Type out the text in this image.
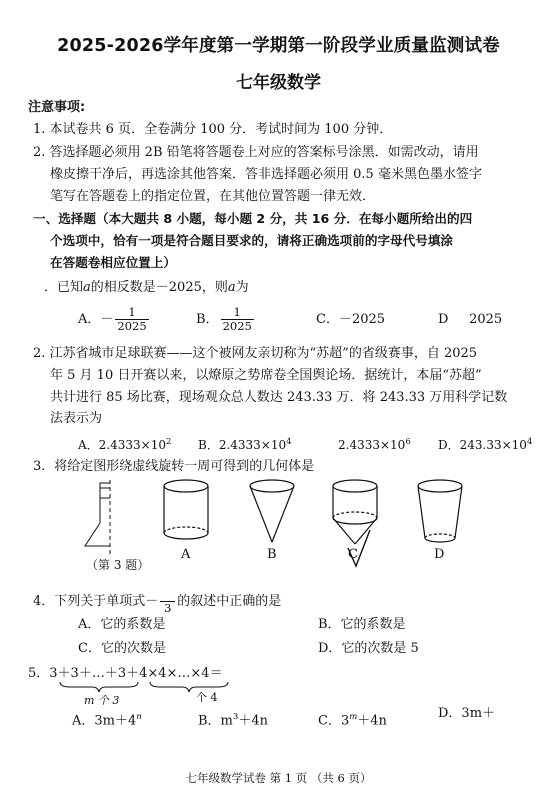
2025-2026学年度第一学期第一阶段学业质量监测试卷
七年级数学
注意事项:
1. 本试卷共 6 页．全卷满分 100 分．考试时间为 100 分钟．
2. 答选择题必须用 2B 铅笔将答题卷上对应的答案标号涂黑．如需改动，请用
橡皮擦干净后，再选涂其他答案．答非选择题必须用 0.5 毫米黑色墨水签字
笔写在答题卷上的指定位置，在其他位置答题一律无效．
一、选择题（本大题共 8 小题，每小题 2 分，共 16 分．在每小题所给出的四
个选项中，恰有一项是符合题目要求的，请将正确选项前的字母代号填涂
在答题卷相应位置上）
．已知a的相反数是－2025，则a为
A．－ $\frac{1}{2025}$	B． $\frac{1}{2025}$	C．－2025	D 2025
2. 江苏省城市足球联赛——这个被网友亲切称为“苏超”的省级赛事，自 2025
年 5 月 10 日开赛以来，以燎原之势席卷全国舆论场．据统计，本届“苏超”
共计进行 85 场比赛，现场观众总人数达 243.33 万．将 243.33 万用科学记数
法表示为
A．$2.4333\times 10^2$ B．$2.4333\times 10^4$	$2.4333\times 10^6$ D．$243.33\times 10^4$
3．将给定图形绕虚线旋转一周可得到的几何体是
（第 3 题）
A	B	C	D
4．下列关于单项式－
3 的叙述中正确的是
A．它的系数是	B．它的系数是
C．它的次数是	D．它的次数是 5
5．3＋3＋…＋3＋4×4×…×4＝
m 个 3	个 4
A．$3m+4^n$	B．$m^3+4n$	C．$3^m+4n$	D．3m＋
七年级数学试卷 第 1 页 （共 6 页）
